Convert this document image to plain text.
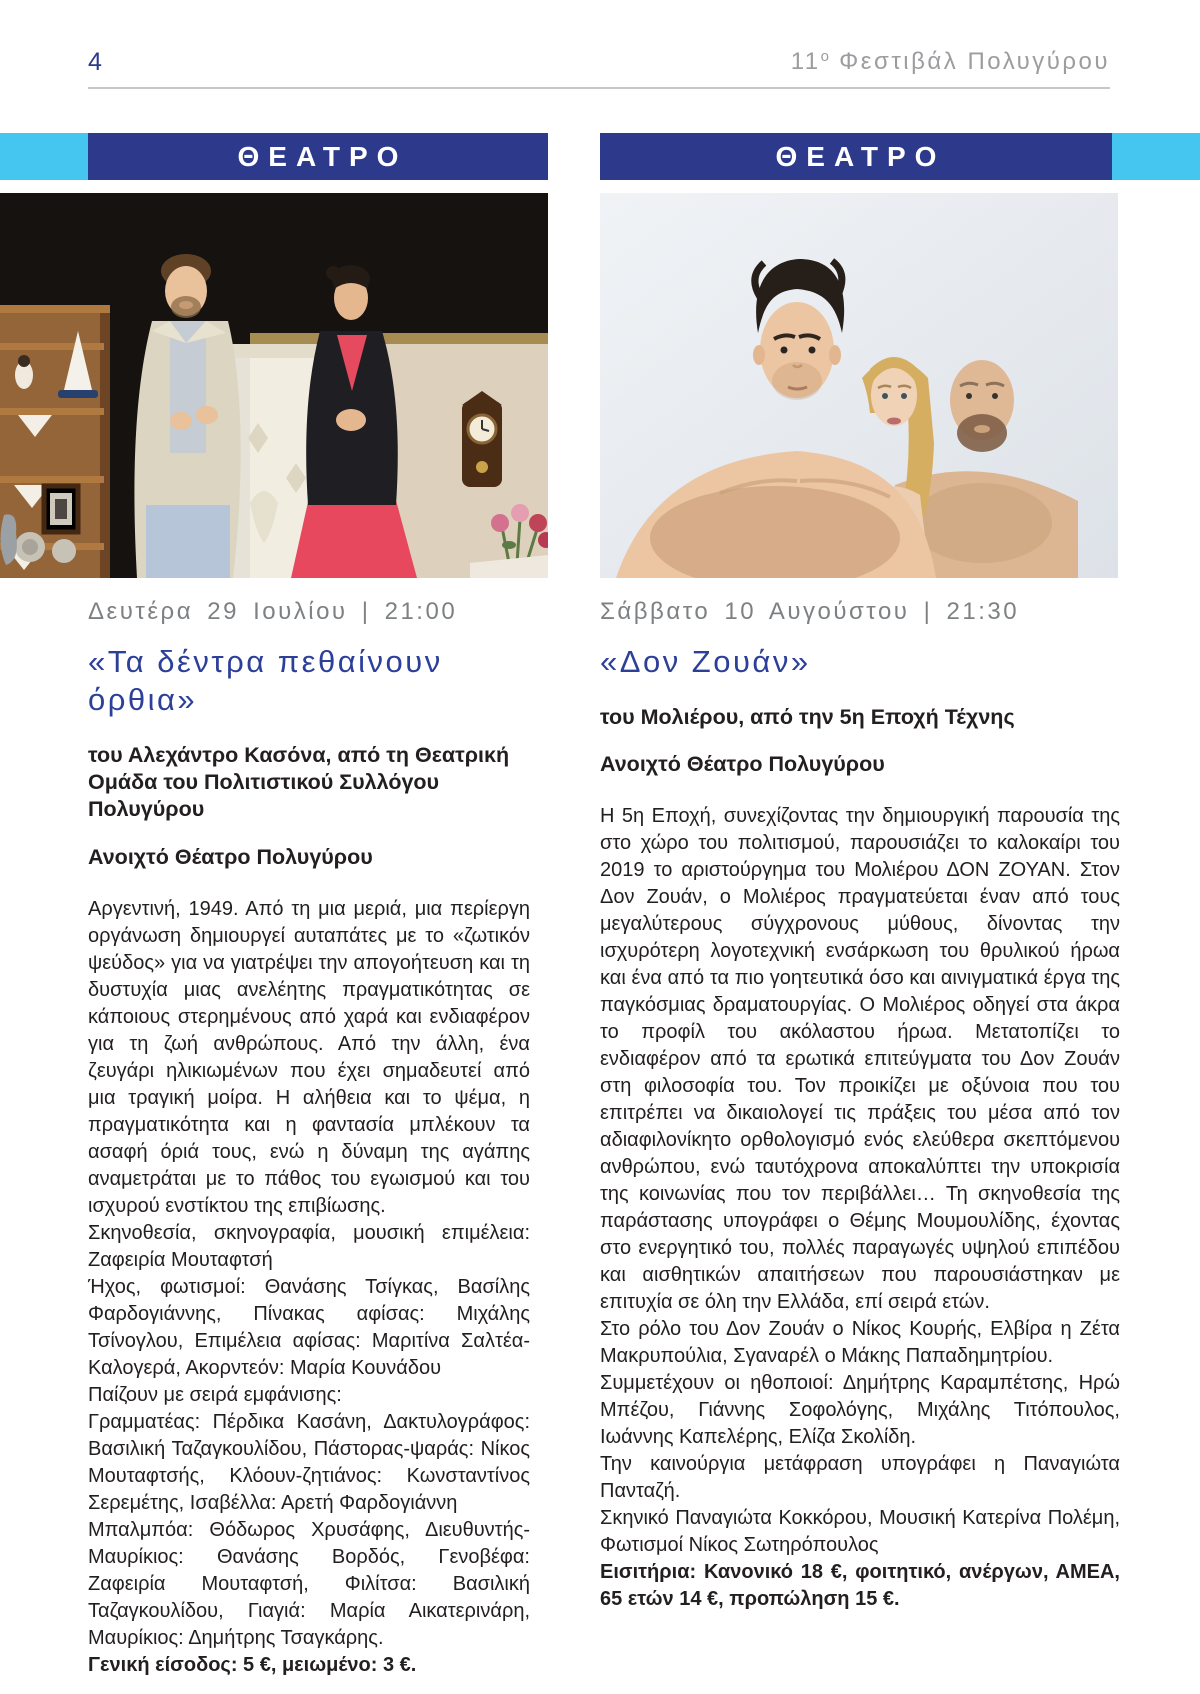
4	$11^o$ Φεστιβάλ Πολυγύρου
ΘΕΑΤΡΟ	ΘΕΑΤΡΟ

Δευτέρα 29 Ιουλίου | 21:00

«Τα δέντρα πεθαίνουν όρθια»

του Αλεχάντρο Κασόνα, από τη Θεατρική Ομάδα του Πολιτιστικού Συλλόγου Πολυγύρου

Ανοιχτό Θέατρο Πολυγύρου

Αργεντινή, 1949. Από τη μια μεριά, μια περίεργη οργάνωση δημιουργεί αυταπάτες με το «ζωτικόν ψεύδος» για να γιατρέψει την απογοήτευση και τη δυστυχία μιας ανελέητης πραγματικότητας σε κάποιους στερημένους από χαρά και ενδιαφέρον για τη ζωή ανθρώπους. Από την άλλη, ένα ζευγάρι ηλικιωμένων που έχει σημαδευτεί από μια τραγική μοίρα. Η αλήθεια και το ψέμα, η πραγματικότητα και η φαντασία μπλέκουν τα ασαφή όριά τους, ενώ η δύναμη της αγάπης αναμετράται με το πάθος του εγωισμού και του ισχυρού ενστίκτου της επιβίωσης.

Σκηνοθεσία, σκηνογραφία, μουσική επιμέλεια: Ζαφειρία Μουταφτσή

Ήχος, φωτισμοί: Θανάσης Τσίγκας, Βασίλης Φαρδογιάννης, Πίνακας αφίσας: Μιχάλης Τσίνογλου, Επιμέλεια αφίσας: Μαριτίνα Σαλτέα- Καλογερά, Ακορντεόν: Μαρία Κουνάδου

Παίζουν με σειρά εμφάνισης:

Γραμματέας: Πέρδικα Κασάνη, Δακτυλογράφος: Βασιλική Ταζαγκουλίδου, Πάστορας-ψαράς: Νίκος Μουταφτσής, Κλόουν-ζητιάνος: Κωνσταντίνος Σερεμέτης, Ισαβέλλα: Αρετή Φαρδογιάννη

Μπαλμπόα: Θόδωρος Χρυσάφης, Διευθυντής-Μαυρίκιος: Θανάσης Βορδός, Γενοβέφα: Ζαφειρία Μουταφτσή, Φιλίτσα: Βασιλική Ταζαγκουλίδου, Γιαγιά: Μαρία Αικατερινάρη, Μαυρίκιος: Δημήτρης Τσαγκάρης.

Γενική είσοδος: 5 €, μειωμένο: 3 €.

Σάββατο 10 Αυγούστου | 21:30

«Δον Ζουάν»

του Μολιέρου, από την 5η Εποχή Τέχνης

Ανοιχτό Θέατρο Πολυγύρου

Η 5η Εποχή, συνεχίζοντας την δημιουργική παρουσία της στο χώρο του πολιτισμού, παρουσιάζει το καλοκαίρι του 2019 το αριστούργημα του Μολιέρου ΔΟΝ ΖΟΥΑΝ. Στον Δον Ζουάν, ο Μολιέρος πραγματεύεται έναν από τους μεγαλύτερους σύγχρονους μύθους, δίνοντας την ισχυρότερη λογοτεχνική ενσάρκωση του θρυλικού ήρωα και ένα από τα πιο γοητευτικά όσο και αινιγματικά έργα της παγκόσμιας δραματουργίας. Ο Μολιέρος οδηγεί στα άκρα το προφίλ του ακόλαστου ήρωα. Μετατοπίζει το ενδιαφέρον από τα ερωτικά επιτεύγματα του Δον Ζουάν στη φιλοσοφία του. Τον προικίζει με οξύνοια που του επιτρέπει να δικαιολογεί τις πράξεις του μέσα από τον αδιαφιλονίκητο ορθολογισμό ενός ελεύθερα σκεπτόμενου ανθρώπου, ενώ ταυτόχρονα αποκαλύπτει την υποκρισία της κοινωνίας που τον περιβάλλει… Τη σκηνοθεσία της παράστασης υπογράφει ο Θέμης Μουμουλίδης, έχοντας στο ενεργητικό του, πολλές παραγωγές υψηλού επιπέδου και αισθητικών απαιτήσεων που παρουσιάστηκαν με επιτυχία σε όλη την Ελλάδα, επί σειρά ετών.

Στο ρόλο του Δον Ζουάν ο Νίκος Κουρής, Ελβίρα η Ζέτα Μακρυπούλια, Σγαναρέλ ο Μάκης Παπαδημητρίου.

Συμμετέχουν οι ηθοποιοί: Δημήτρης Καραμπέτσης, Ηρώ Μπέζου, Γιάννης Σοφολόγης, Μιχάλης Τιτόπουλος, Ιωάννης Καπελέρης, Ελίζα Σκολίδη.

Την καινούργια μετάφραση υπογράφει η Παναγιώτα Πανταζή.

Σκηνικό Παναγιώτα Κοκκόρου, Μουσική Κατερίνα Πολέμη, Φωτισμοί Νίκος Σωτηρόπουλος

Εισιτήρια: Κανονικό 18 €, φοιτητικό, ανέργων, ΑΜΕΑ, 65 ετών 14 €, προπώληση 15 €.
